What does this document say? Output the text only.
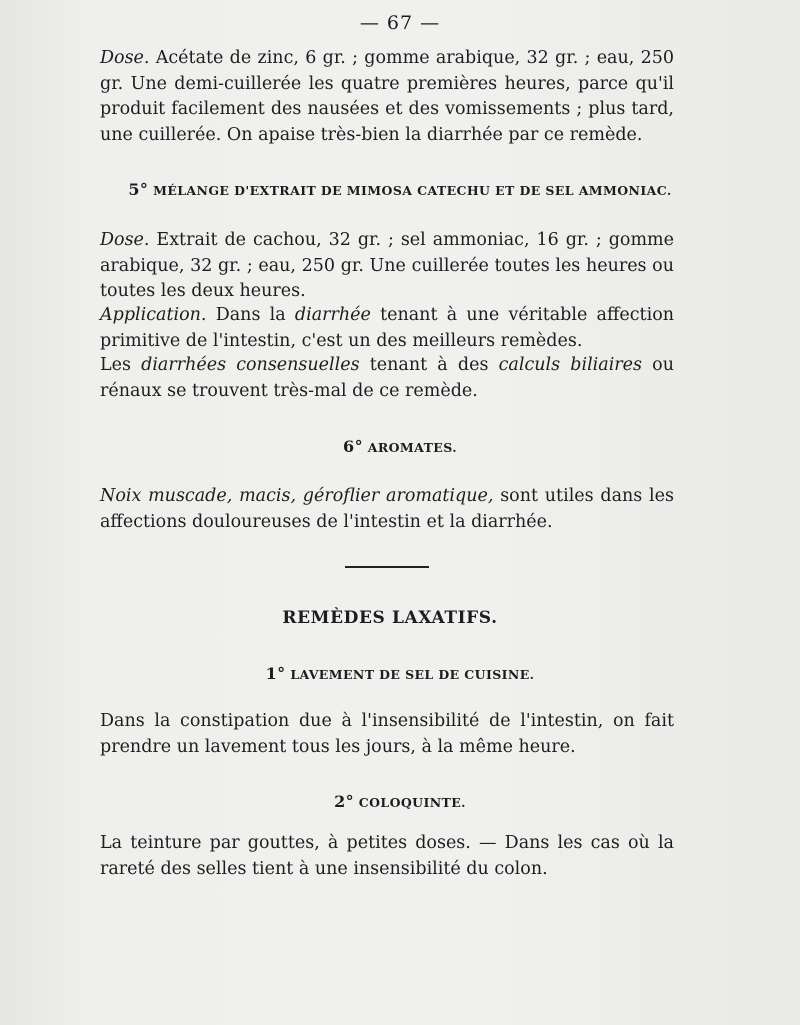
— 67 —
Dose. Acétate de zinc, 6 gr. ; gomme arabique, 32 gr. ; eau, 250 gr. Une demi-cuillerée les quatre premières heures, parce qu'il produit facilement des nausées et des vomissements ; plus tard, une cuillerée. On apaise très-bien la diarrhée par ce remède.
5° MÉLANGE D'EXTRAIT DE MIMOSA CATECHU ET DE SEL AMMONIAC.
Dose. Extrait de cachou, 32 gr. ; sel ammoniac, 16 gr. ; gomme arabique, 32 gr. ; eau, 250 gr. Une cuillerée toutes les heures ou toutes les deux heures.
Application. Dans la diarrhée tenant à une véritable affection primitive de l'intestin, c'est un des meilleurs remèdes.
Les diarrhées consensuelles tenant à des calculs biliaires ou rénaux se trouvent très-mal de ce remède.
6° AROMATES.
Noix muscade, macis, géroflier aromatique, sont utiles dans les affections douloureuses de l'intestin et la diarrhée.
REMÈDES LAXATIFS.
1° LAVEMENT DE SEL DE CUISINE.
Dans la constipation due à l'insensibilité de l'intestin, on fait prendre un lavement tous les jours, à la même heure.
2° COLOQUINTE.
La teinture par gouttes, à petites doses. — Dans les cas où la rareté des selles tient à une insensibilité du colon.
